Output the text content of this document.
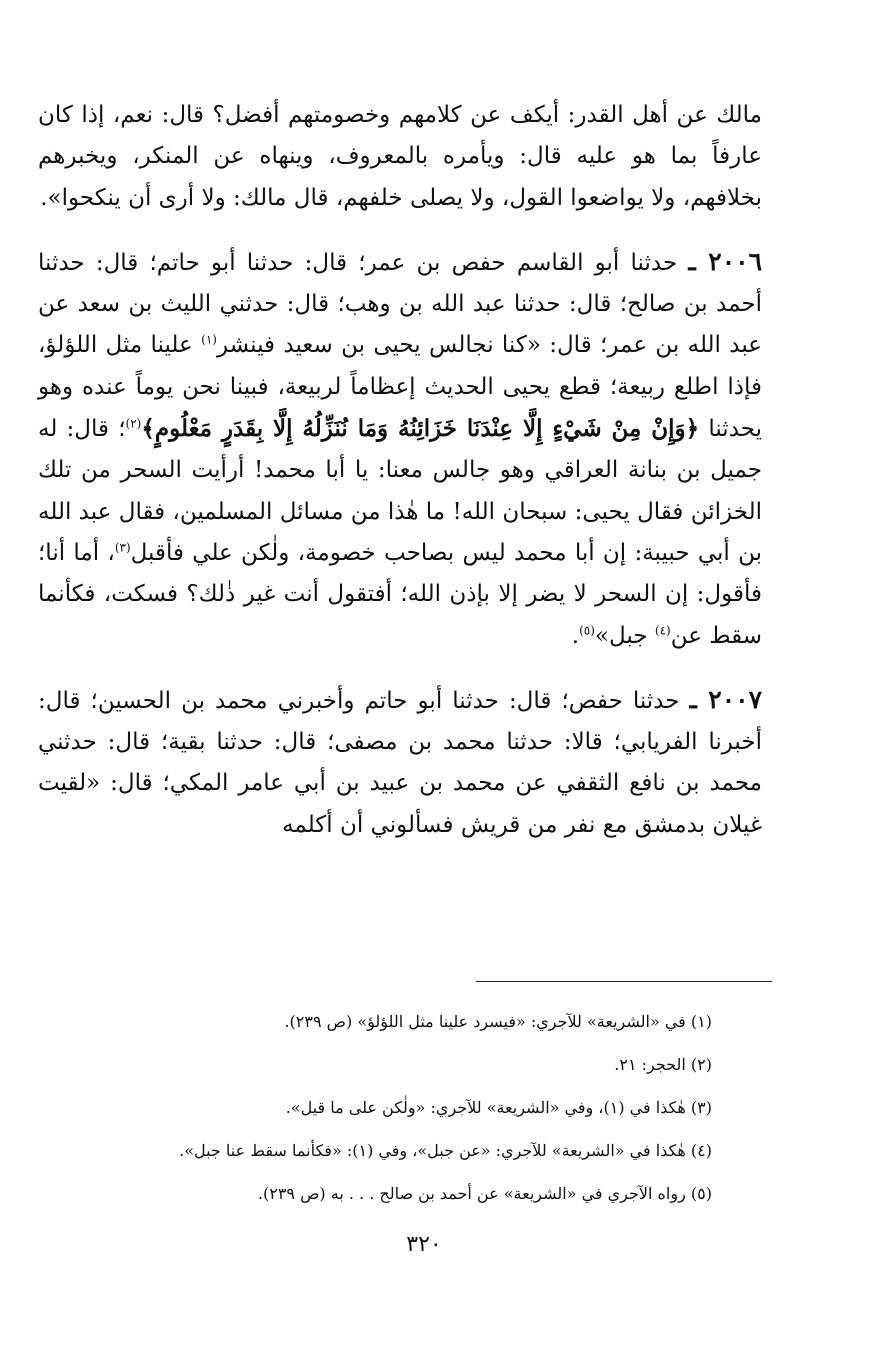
مالك عن أهل القدر: أيكف عن كلامهم وخصومتهم أفضل؟ قال: نعم، إذا كان عارفاً بما هو عليه قال: ويأمره بالمعروف، وينهاه عن المنكر، ويخبرهم بخلافهم، ولا يواضعوا القول، ولا يصلى خلفهم، قال مالك: ولا أرى أن ينكحوا».

٢٠٠٦ ـ حدثنا أبو القاسم حفص بن عمر؛ قال: حدثنا أبو حاتم؛ قال: حدثنا أحمد بن صالح؛ قال: حدثنا عبد الله بن وهب؛ قال: حدثني الليث بن سعد عن عبد الله بن عمر؛ قال: «كنا نجالس يحيى بن سعيد فينشر$^{(١)}$ علينا مثل اللؤلؤ، فإذا اطلع ربيعة؛ قطع يحيى الحديث إعظاماً لربيعة، فبينا نحن يوماً عنده وهو يحدثنا ﴿وَإِنْ مِنْ شَيْءٍ إِلَّا عِنْدَنَا خَزَائِنُهُ وَمَا نُنَزِّلُهُ إِلَّا بِقَدَرٍ مَعْلُومٍ﴾$^{(٢)}$؛ قال: له جميل بن بنانة العراقي وهو جالس معنا: يا أبا محمد! أرأيت السحر من تلك الخزائن فقال يحيى: سبحان الله! ما هٰذا من مسائل المسلمين، فقال عبد الله بن أبي حبيبة: إن أبا محمد ليس بصاحب خصومة، ولٰكن علي فأقبل$^{(٣)}$، أما أنا؛ فأقول: إن السحر لا يضر إلا بإذن الله؛ أفتقول أنت غير ذٰلك؟ فسكت، فكأنما سقط عن$^{(٤)}$ جبل»$^{(٥)}$.

٢٠٠٧ ـ حدثنا حفص؛ قال: حدثنا أبو حاتم وأخبرني محمد بن الحسين؛ قال: أخبرنا الفريابي؛ قالا: حدثنا محمد بن مصفى؛ قال: حدثنا بقية؛ قال: حدثني محمد بن نافع الثقفي عن محمد بن عبيد بن أبي عامر المكي؛ قال: «لقيت غيلان بدمشق مع نفر من قريش فسألوني أن أكلمه

(١) في «الشريعة» للآجري: «فيسرد علينا مثل اللؤلؤ» (ص ٢٣٩).

(٢) الحجر: ٢١.

(٣) هٰكذا في (١)، وفي «الشريعة» للآجري: «ولٰكن على ما قيل».

(٤) هٰكذا في «الشريعة» للآجري: «عن جبل»، وفي (١): «فكأنما سقط عنا جبل».

(٥) رواه الآجري في «الشريعة» عن أحمد بن صالح . . . به (ص ٢٣٩).

٣٢٠
